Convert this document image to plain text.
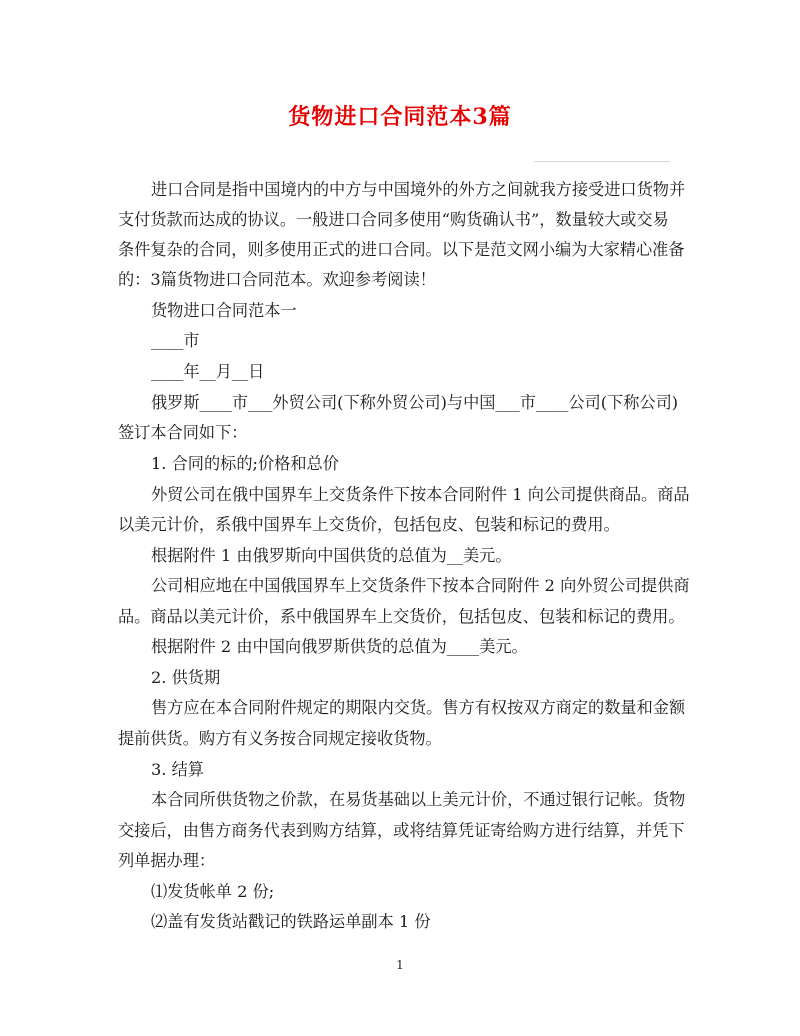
货物进口合同范本3篇
进口合同是指中国境内的中方与中国境外的外方之间就我方接受进口货物并
支付货款而达成的协议。一般进口合同多使用“购货确认书”，数量较大或交易
条件复杂的合同，则多使用正式的进口合同。以下是范文网小编为大家精心准备
的：3篇货物进口合同范本。欢迎参考阅读！
货物进口合同范本一
____市
____年__月__日
俄罗斯____市___外贸公司(下称外贸公司)与中国___市____公司(下称公司)
签订本合同如下：
1. 合同的标的;价格和总价
外贸公司在俄中国界车上交货条件下按本合同附件 1 向公司提供商品。商品
以美元计价，系俄中国界车上交货价，包括包皮、包装和标记的费用。
根据附件 1 由俄罗斯向中国供货的总值为__美元。
公司相应地在中国俄国界车上交货条件下按本合同附件 2 向外贸公司提供商
品。商品以美元计价，系中俄国界车上交货价，包括包皮、包装和标记的费用。
根据附件 2 由中国向俄罗斯供货的总值为____美元。
2. 供货期
售方应在本合同附件规定的期限内交货。售方有权按双方商定的数量和金额
提前供货。购方有义务按合同规定接收货物。
3. 结算
本合同所供货物之价款，在易货基础以上美元计价，不通过银行记帐。货物
交接后，由售方商务代表到购方结算，或将结算凭证寄给购方进行结算，并凭下
列单据办理：
⑴发货帐单 2 份;
⑵盖有发货站戳记的铁路运单副本 1 份
1
